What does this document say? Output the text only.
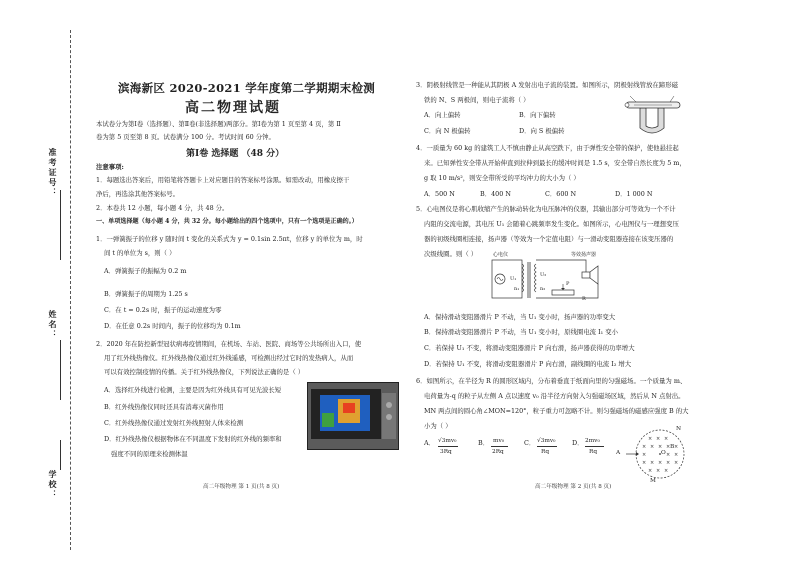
准考证号：
姓名：
学校：
滨海新区 2020-2021 学年度第二学期期末检测
高二物理试题
本试卷分为第Ⅰ卷（选择题）、第Ⅱ卷(非选择题)两部分。第Ⅰ卷为第 1 页至第 4 页，第 Ⅱ
卷为第 5 页至第 8 页。试卷满分 100 分。考试时间 60 分钟。
第Ⅰ卷 选择题 （48 分）
注意事项:
1．每题选出答案后，用铅笔将答题卡上对应题目的答案标号涂黑。如需改动，用橡皮擦干
净后，再选涂其他答案标号。
2．本卷共 12 小题，每小题 4 分，共 48 分。
一、单项选择题（每小题 4 分，共 32 分。每小题给出的四个选项中，只有一个选项是正确的。）
1．一弹簧振子的位移 y 随时间 t 变化的关系式为 y = 0.1sin 2.5πt，位移 y 的单位为 m，时
间 t 的单位为 s，则（ ）
A．弹簧振子的振幅为 0.2 m
B．弹簧振子的周期为 1.25 s
C．在 t = 0.2s 时，振子的运动速度为零
D．在任意 0.2s 时间内，振子的位移均为 0.1m
2．2020 年在防控新型冠状病毒疫情期间，在机场、车站、医院、商场等公共场所出入口，使
用了红外线热像仪。红外线热像仪通过红外线遥感，可检测出经过它时的发热病人，从而
可以有效控制疫情的传播。关于红外线热像仪，下列说法正确的是（ ）
A．选择红外线进行检测，主要是因为红外线具有可见光波长短
B．红外线热像仪同时还具有消毒灭菌作用
C．红外线热像仪通过发射红外线照射人体来检测
D．红外线热像仪根据物体在不同温度下发射的红外线的频率和
强度不同的原理来检测体温
高二年级物理 第 1 页(共 8 页)
3．阴极射线管是一种能从其阴极 A 发射出电子流的装置。如图所示，阴极射线管放在蹄形磁
铁的 N、S 两极间，则电子流将（ ）
A．向上偏转	B．向下偏转
C．向 N 极偏转	D．向 S 极偏转
4．一质量为 60 kg 的建筑工人不慎由静止从高空跌下，由于弹性安全带的保护，使他悬挂起
来。已知弹性安全带从开始伸直到拉伸到最长的缓冲时间是 1.5 s，安全带自然长度为 5 m，
g 取 10 m/s²，则安全带所受的平均冲力的大小为（ ）
A．500 N	B．400 N	C．600 N	D．1 000 N
5．心电图仪是将心肌收缩产生的脉动转化为电压脉冲的仪器，其输出部分可等效为一个不计
内阻的交流电源，其电压 U₁ 会随着心跳频率发生变化。如图所示，心电图仪与一理想变压
器的初级线圈相连接，扬声器（等效为一个定值电阻）与一滑动变阻器连接在该变压器的
次级线圈。则（ ）	心电仪	等效扬声器
U₁
n₁	n₂
U₂
R
P
A．保持滑动变阻器滑片 P 不动，当 U₁ 变小时，扬声器的功率变大
B．保持滑动变阻器滑片 P 不动，当 U₁ 变小时，原线圈电流 I₁ 变小
C．若保持 U₁ 不变，将滑动变阻器滑片 P 向右滑，扬声器获得的功率增大
D．若保持 U₁ 不变，将滑动变阻器滑片 P 向右滑，副线圈的电流 I₂ 增大
6．如图所示，在半径为 R 的圆形区域内，分布着垂直于纸面向里的匀强磁场。一个质量为 m、
电荷量为-q 的粒子从左侧 A 点以速度 v₀ 沿半径方向射入匀强磁场区域，然后从 N 点射出。
MN 两点间的圆心角∠MON=120°，粒子重力可忽略不计。则匀强磁场的磁感应强度 B 的大
小为（ ）
A． √3mv₀
3Rq
B． mv₀
2Rq
C． √3mv₀
Rq
D． 2mv₀
Rq
× × ×
× × × × ×
×	× ×
× × × × ×
× × ×
A	O
N
M
B
高二年级物理 第 2 页(共 8 页)
